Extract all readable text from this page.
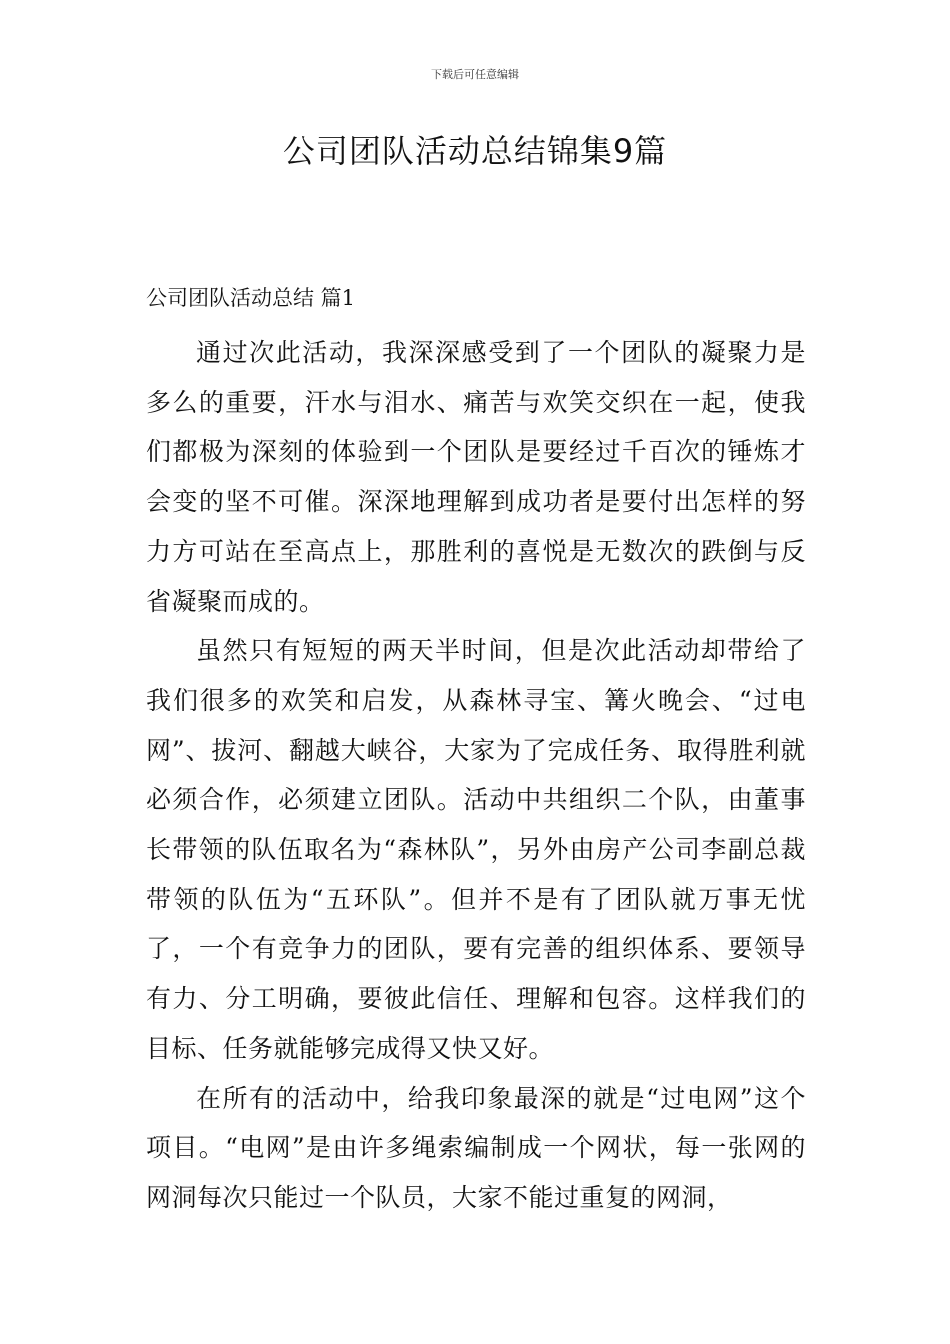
下载后可任意编辑
公司团队活动总结锦集9篇
公司团队活动总结 篇1

通过次此活动，我深深感受到了一个团队的凝聚力是多么的重要，汗水与泪水、痛苦与欢笑交织在一起，使我们都极为深刻的体验到一个团队是要经过千百次的锤炼才会变的坚不可催。深深地理解到成功者是要付出怎样的努力方可站在至高点上，那胜利的喜悦是无数次的跌倒与反省凝聚而成的。

虽然只有短短的两天半时间，但是次此活动却带给了我们很多的欢笑和启发，从森林寻宝、篝火晚会、“过电网”、拔河、翻越大峡谷，大家为了完成任务、取得胜利就必须合作，必须建立团队。活动中共组织二个队，由董事长带领的队伍取名为“森林队”，另外由房产公司李副总裁带领的队伍为“五环队”。但并不是有了团队就万事无忧了，一个有竞争力的团队，要有完善的组织体系、要领导有力、分工明确，要彼此信任、理解和包容。这样我们的目标、任务就能够完成得又快又好。

在所有的活动中，给我印象最深的就是“过电网”这个项目。“电网”是由许多绳索编制成一个网状，每一张网的网洞每次只能过一个队员，大家不能过重复的网洞，
